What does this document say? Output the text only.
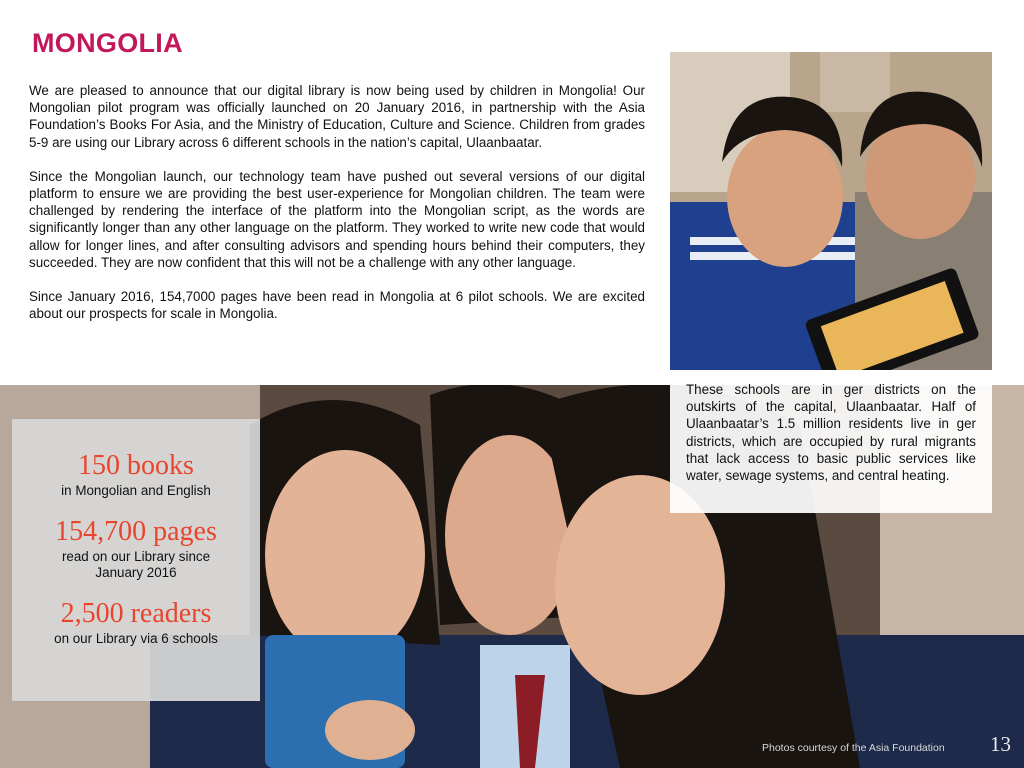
MONGOLIA

We are pleased to announce that our digital library is now being used by children in Mongolia! Our Mongolian pilot program was officially launched on 20 January 2016, in partnership with the Asia Foundation’s Books For Asia, and the Ministry of Education, Culture and Science. Children from grades 5-9 are using our Library across 6 different schools in the nation’s capital, Ulaanbaatar.

Since the Mongolian launch, our technology team have pushed out several versions of our digital platform to ensure we are providing the best user-experience for Mongolian children. The team were challenged by rendering the interface of the platform into the Mongolian script, as the words are significantly longer than any other language on the platform. They worked to write new code that would allow for longer lines, and after consulting advisors and spending hours behind their computers, they succeeded. They are now confident that this will not be a challenge with any other language.

Since January 2016, 154,7000 pages have been read in Mongolia at 6 pilot schools. We are excited about our prospects for scale in Mongolia.

These schools are in ger districts on the outskirts of the capital, Ulaanbaatar. Half of Ulaanbaatar’s 1.5 million residents live in ger districts, which are occupied by rural migrants that lack access to basic public services like water, sewage systems, and central heating.
150 books
in Mongolian and English
154,700 pages
read on our Library since January 2016
2,500 readers
on our Library via 6 schools
Photos courtesy of the Asia Foundation 13
